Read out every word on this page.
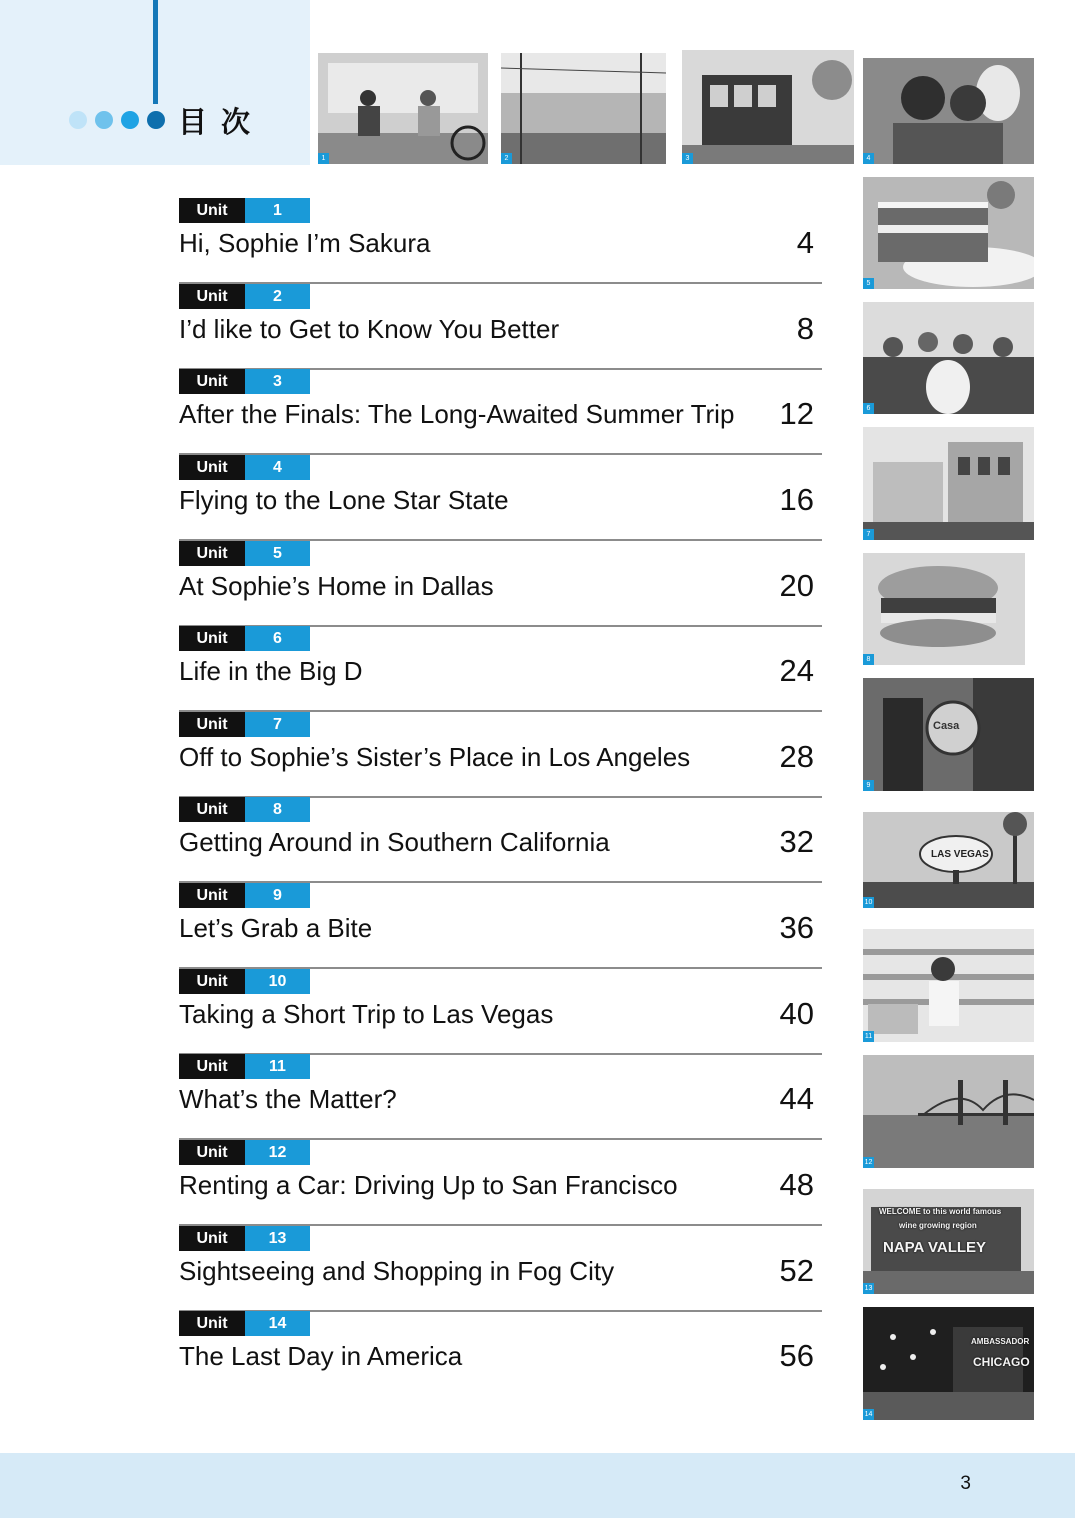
目次
1	2	3	4
5
6
7
8
Casa
9
LAS VEGAS
10
11
12
WELCOME to this world famous
wine growing region
NAPA VALLEY
13
AMBASSADOR
CHICAGO
14
Unit	1
Hi, Sophie I’m Sakura	4
Unit	2
I’d like to Get to Know You Better	8
Unit	3
After the Finals: The Long-Awaited Summer Trip 12
Unit	4
Flying to the Lone Star State	16
Unit	5
At Sophie’s Home in Dallas	20
Unit	6
Life in the Big D	24
Unit	7
Off to Sophie’s Sister’s Place in Los Angeles	28
Unit	8
Getting Around in Southern California	32
Unit	9
Let’s Grab a Bite	36
Unit	10
Taking a Short Trip to Las Vegas	40
Unit	11
What’s the Matter?	44
Unit	12
Renting a Car: Driving Up to San Francisco	48
Unit	13
Sightseeing and Shopping in Fog City	52
Unit	14
The Last Day in America	56
3
